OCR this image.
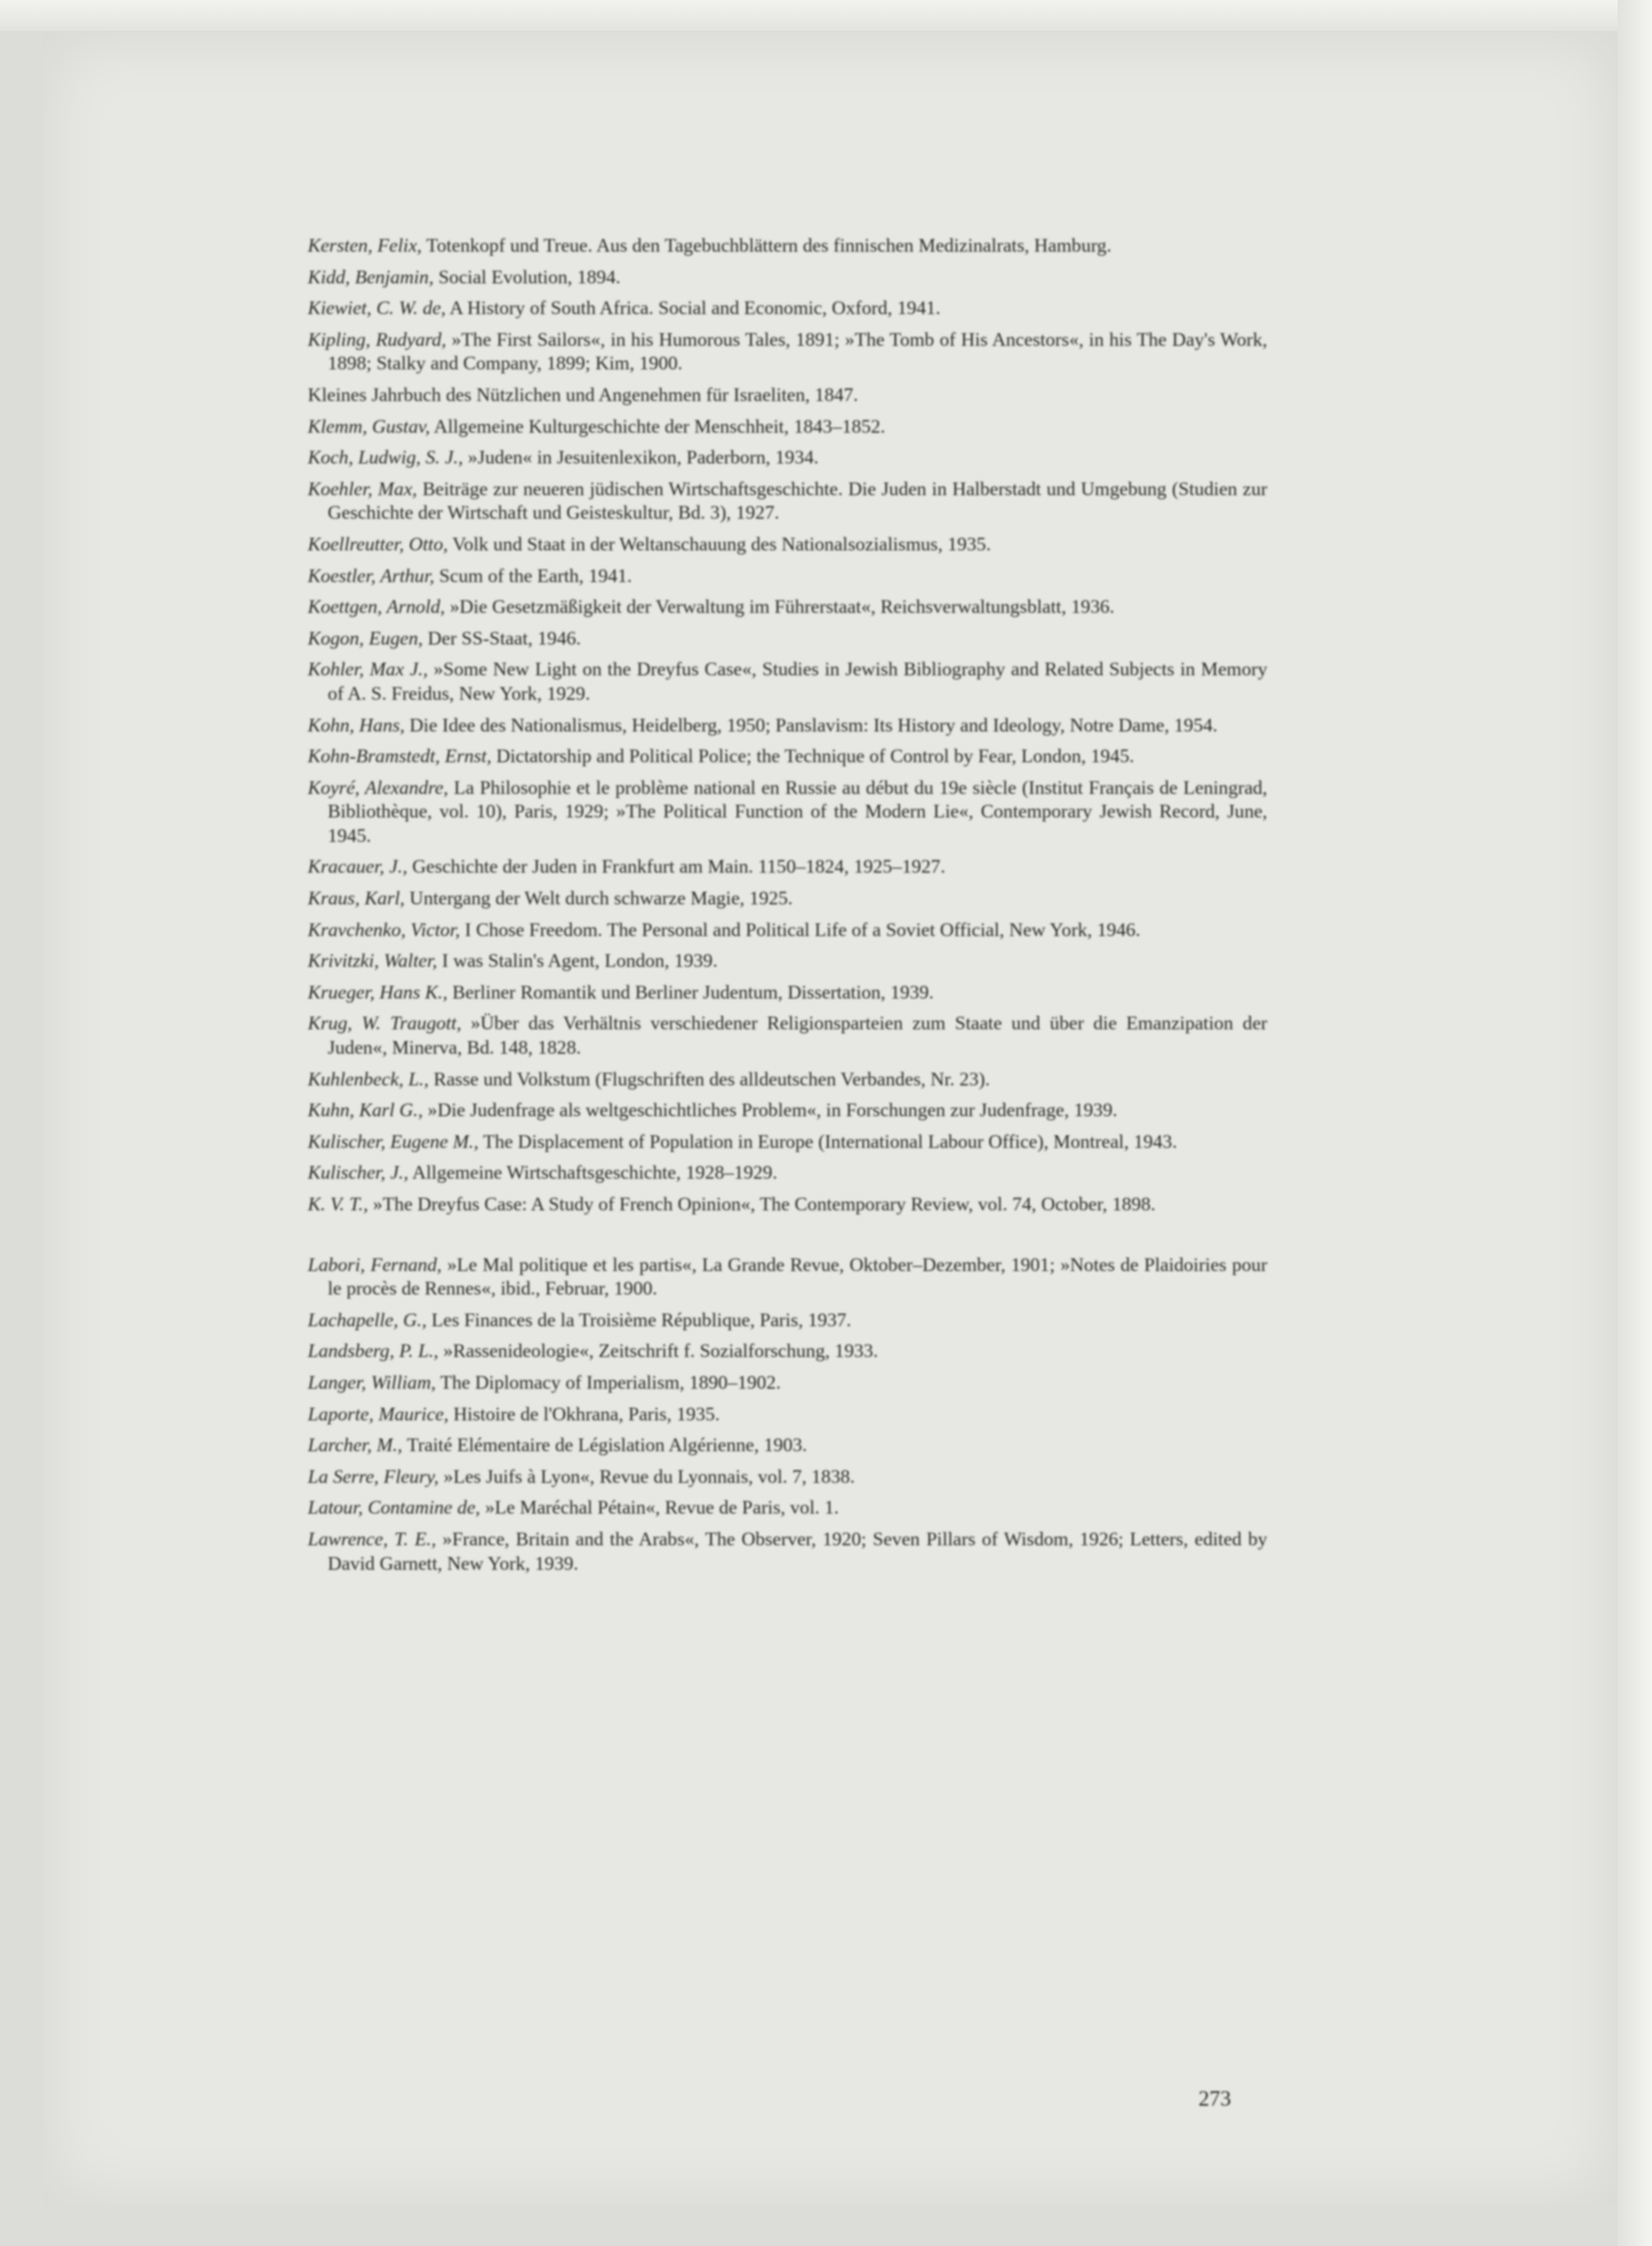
Kersten, Felix, Totenkopf und Treue. Aus den Tagebuchblättern des finnischen Medizinalrats, Hamburg.
Kidd, Benjamin, Social Evolution, 1894.
Kiewiet, C. W. de, A History of South Africa. Social and Economic, Oxford, 1941.
Kipling, Rudyard, »The First Sailors«, in his Humorous Tales, 1891; »The Tomb of His Ancestors«, in his The Day's Work, 1898; Stalky and Company, 1899; Kim, 1900.
Kleines Jahrbuch des Nützlichen und Angenehmen für Israeliten, 1847.
Klemm, Gustav, Allgemeine Kulturgeschichte der Menschheit, 1843–1852.
Koch, Ludwig, S. J., »Juden« in Jesuitenlexikon, Paderborn, 1934.
Koehler, Max, Beiträge zur neueren jüdischen Wirtschaftsgeschichte. Die Juden in Halberstadt und Umgebung (Studien zur Geschichte der Wirtschaft und Geisteskultur, Bd. 3), 1927.
Koellreutter, Otto, Volk und Staat in der Weltanschauung des Nationalsozialismus, 1935.
Koestler, Arthur, Scum of the Earth, 1941.
Koettgen, Arnold, »Die Gesetzmäßigkeit der Verwaltung im Führerstaat«, Reichsverwaltungsblatt, 1936.
Kogon, Eugen, Der SS-Staat, 1946.
Kohler, Max J., »Some New Light on the Dreyfus Case«, Studies in Jewish Bibliography and Related Subjects in Memory of A. S. Freidus, New York, 1929.
Kohn, Hans, Die Idee des Nationalismus, Heidelberg, 1950; Panslavism: Its History and Ideology, Notre Dame, 1954.
Kohn-Bramstedt, Ernst, Dictatorship and Political Police; the Technique of Control by Fear, London, 1945.
Koyré, Alexandre, La Philosophie et le problème national en Russie au début du 19e siècle (Institut Français de Leningrad, Bibliothèque, vol. 10), Paris, 1929; »The Political Function of the Modern Lie«, Contemporary Jewish Record, June, 1945.
Kracauer, J., Geschichte der Juden in Frankfurt am Main. 1150–1824, 1925–1927.
Kraus, Karl, Untergang der Welt durch schwarze Magie, 1925.
Kravchenko, Victor, I Chose Freedom. The Personal and Political Life of a Soviet Official, New York, 1946.
Krivitzki, Walter, I was Stalin's Agent, London, 1939.
Krueger, Hans K., Berliner Romantik und Berliner Judentum, Dissertation, 1939.
Krug, W. Traugott, »Über das Verhältnis verschiedener Religionsparteien zum Staate und über die Emanzipation der Juden«, Minerva, Bd. 148, 1828.
Kuhlenbeck, L., Rasse und Volkstum (Flugschriften des alldeutschen Verbandes, Nr. 23).
Kuhn, Karl G., »Die Judenfrage als weltgeschichtliches Problem«, in Forschungen zur Judenfrage, 1939.
Kulischer, Eugene M., The Displacement of Population in Europe (International Labour Office), Montreal, 1943.
Kulischer, J., Allgemeine Wirtschaftsgeschichte, 1928–1929.
K. V. T., »The Dreyfus Case: A Study of French Opinion«, The Contemporary Review, vol. 74, October, 1898.
Labori, Fernand, »Le Mal politique et les partis«, La Grande Revue, Oktober–Dezember, 1901; »Notes de Plaidoiries pour le procès de Rennes«, ibid., Februar, 1900.
Lachapelle, G., Les Finances de la Troisième République, Paris, 1937.
Landsberg, P. L., »Rassenideologie«, Zeitschrift f. Sozialforschung, 1933.
Langer, William, The Diplomacy of Imperialism, 1890–1902.
Laporte, Maurice, Histoire de l'Okhrana, Paris, 1935.
Larcher, M., Traité Elémentaire de Législation Algérienne, 1903.
La Serre, Fleury, »Les Juifs à Lyon«, Revue du Lyonnais, vol. 7, 1838.
Latour, Contamine de, »Le Maréchal Pétain«, Revue de Paris, vol. 1.
Lawrence, T. E., »France, Britain and the Arabs«, The Observer, 1920; Seven Pillars of Wisdom, 1926; Letters, edited by David Garnett, New York, 1939.
273
